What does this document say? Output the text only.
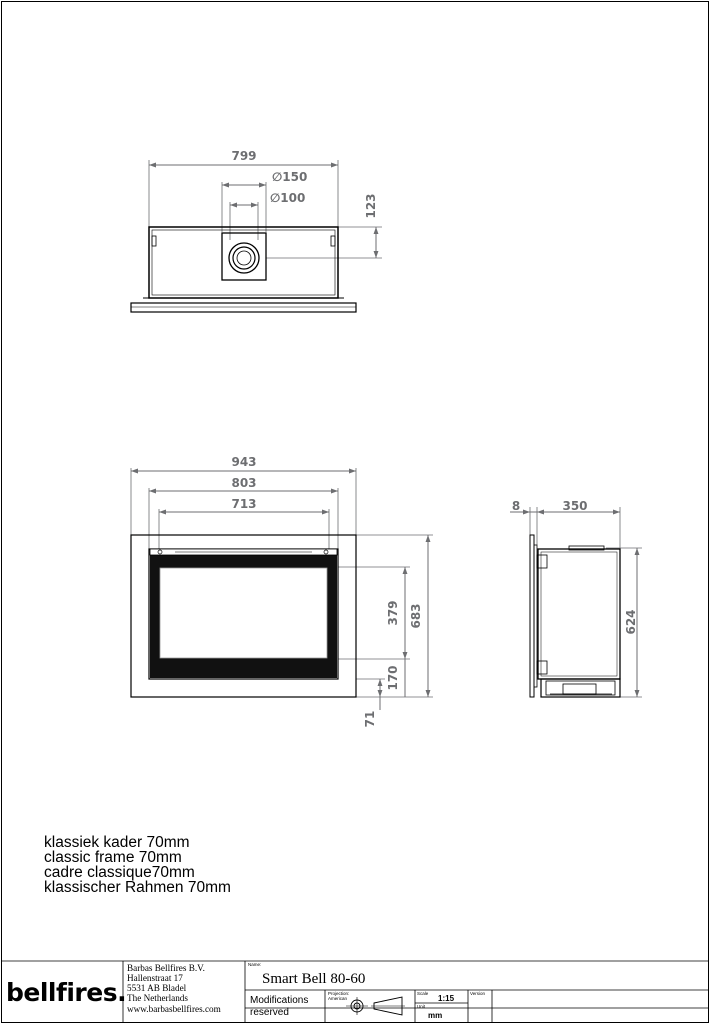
799
∅150
∅100	123
943
803
713
379 683
170
71
8	350
624
bellfires.
Barbas Bellfires B.V.
Hallenstraat 17
5531 AB Bladel
The Netherlands
www.barbasbellfires.com
Name:
Smart Bell 80-60
Modifications
reserved
Projection:
American
Scale
1:15
Unit
mm
Version
klassiek kader 70mm
classic frame 70mm
cadre classique70mm
klassischer Rahmen 70mm
